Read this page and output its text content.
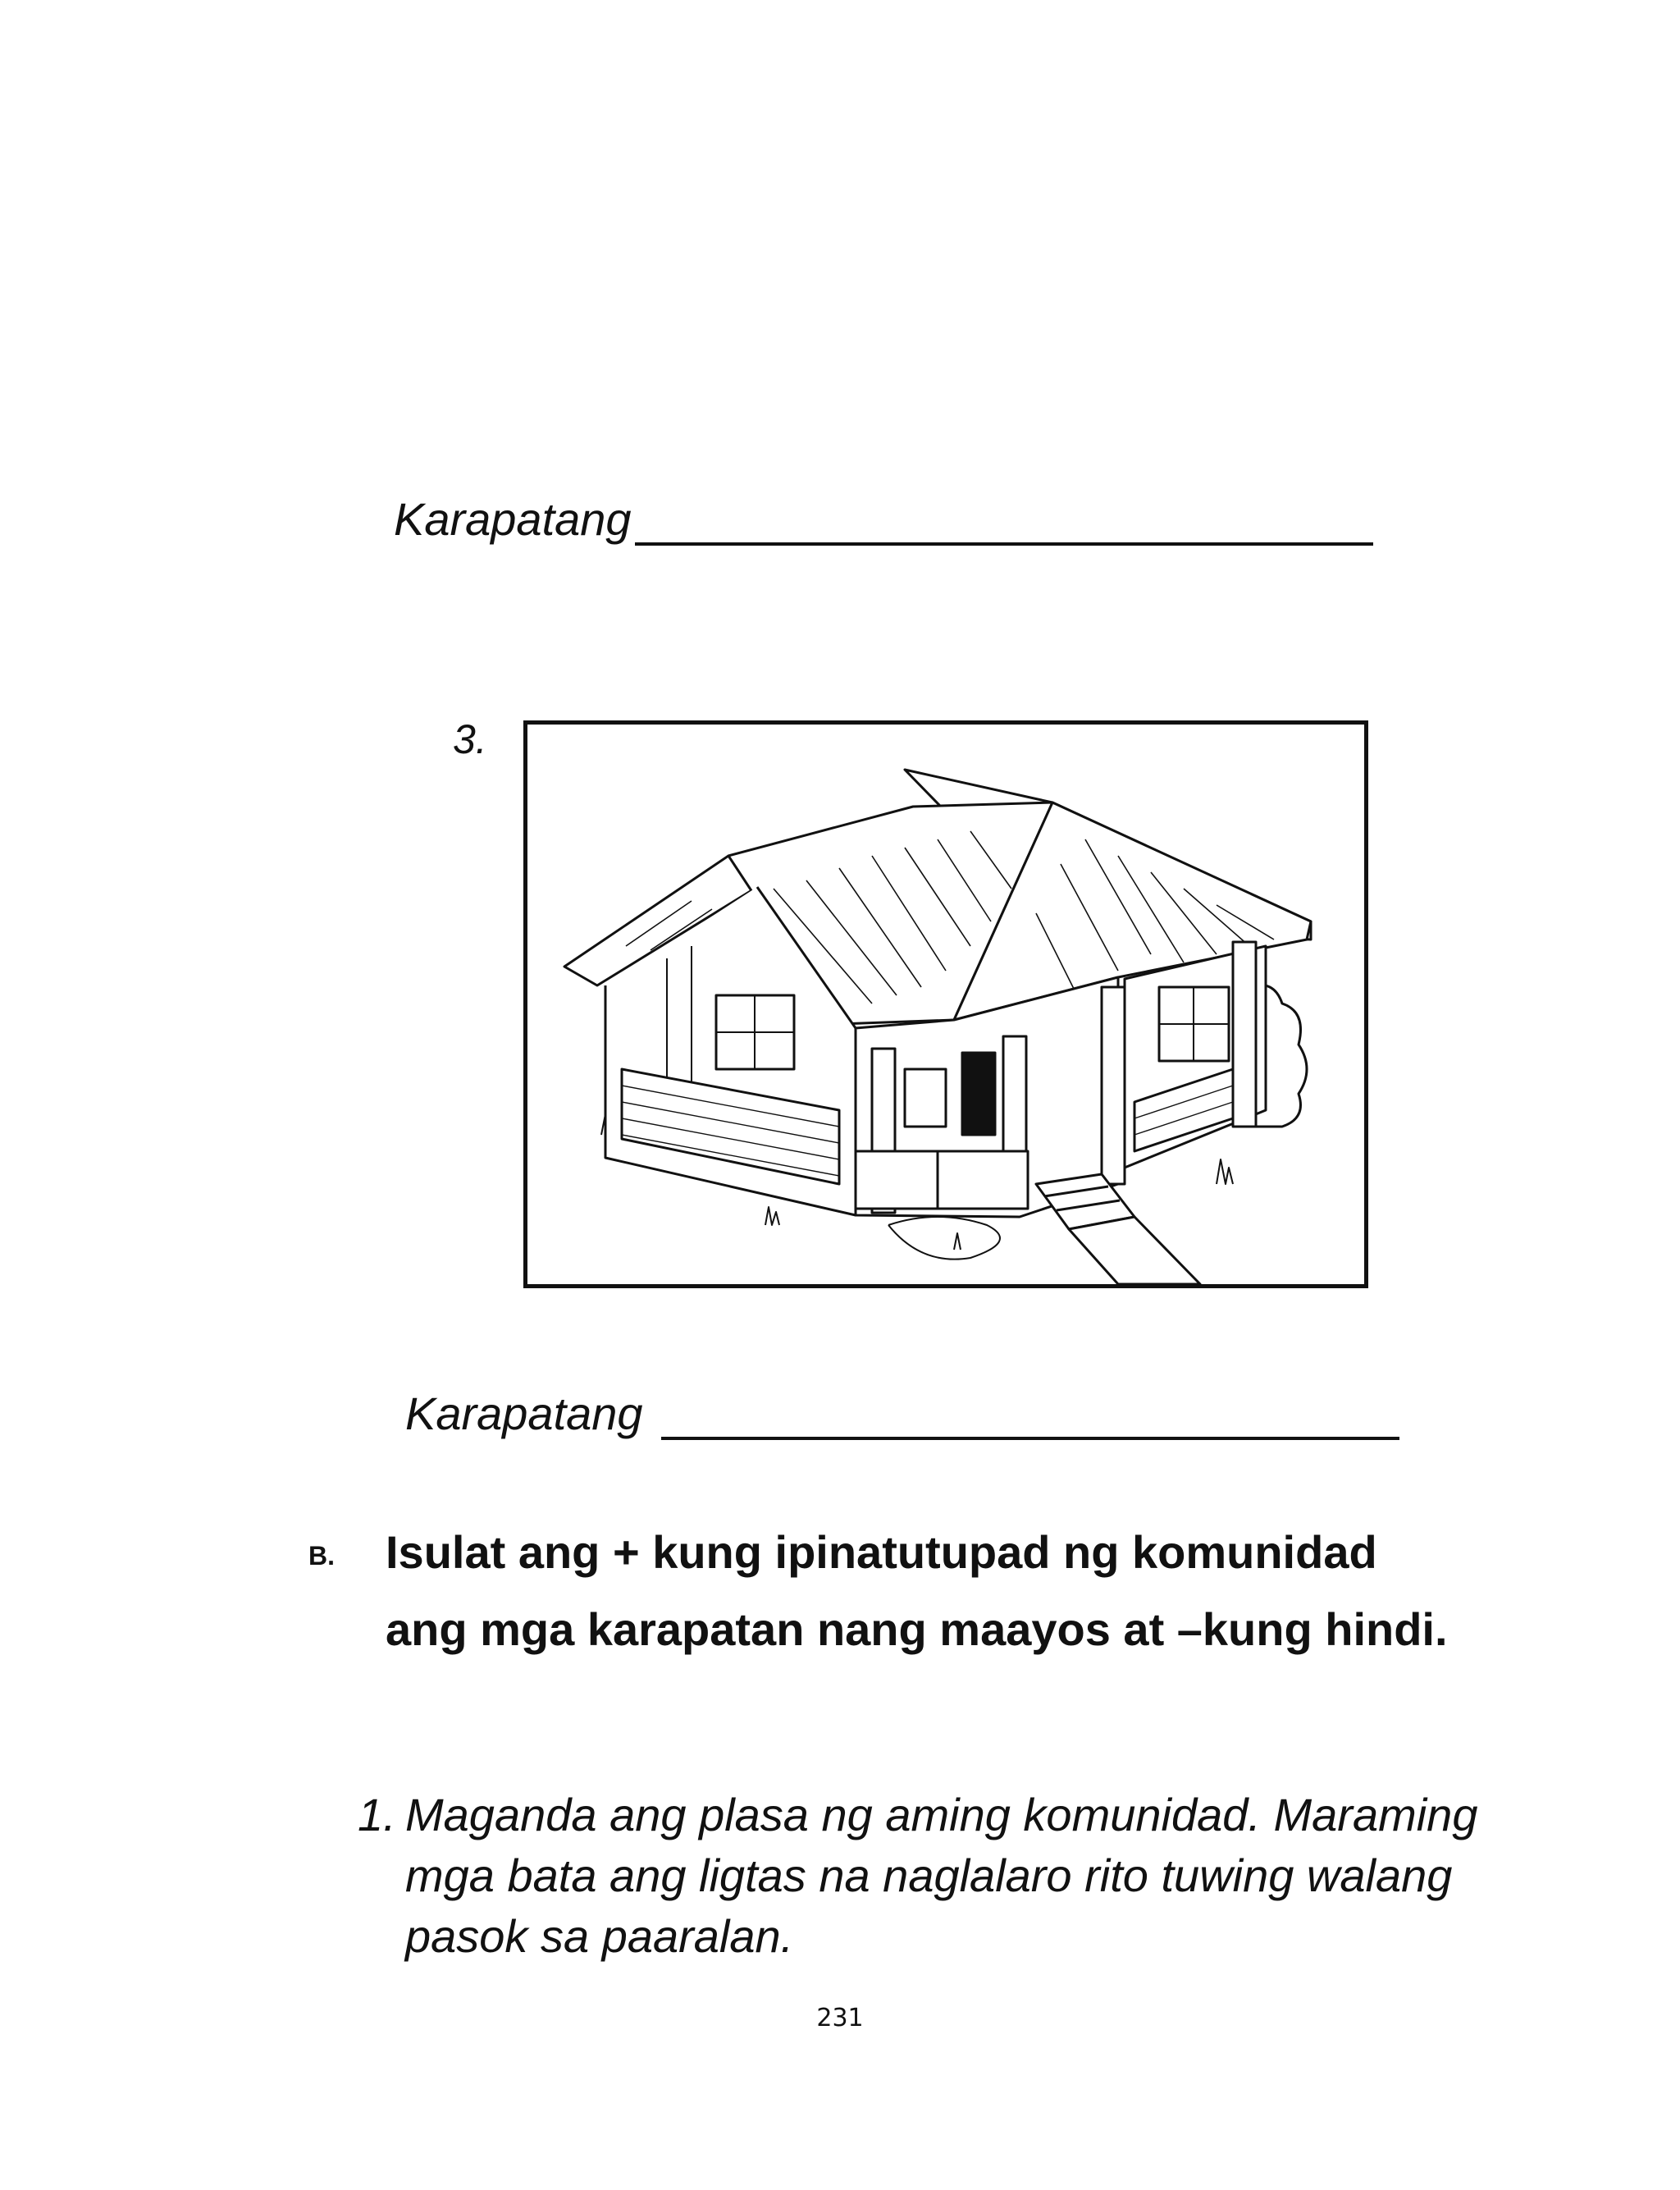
Karapatang
3.
Karapatang
B. Isulat ang + kung ipinatutupad ng komunidad ang mga karapatan nang maayos at –kung hindi.
1. Maganda ang plasa ng aming komunidad. Maraming mga bata ang ligtas na naglalaro rito tuwing walang pasok sa paaralan.
231
